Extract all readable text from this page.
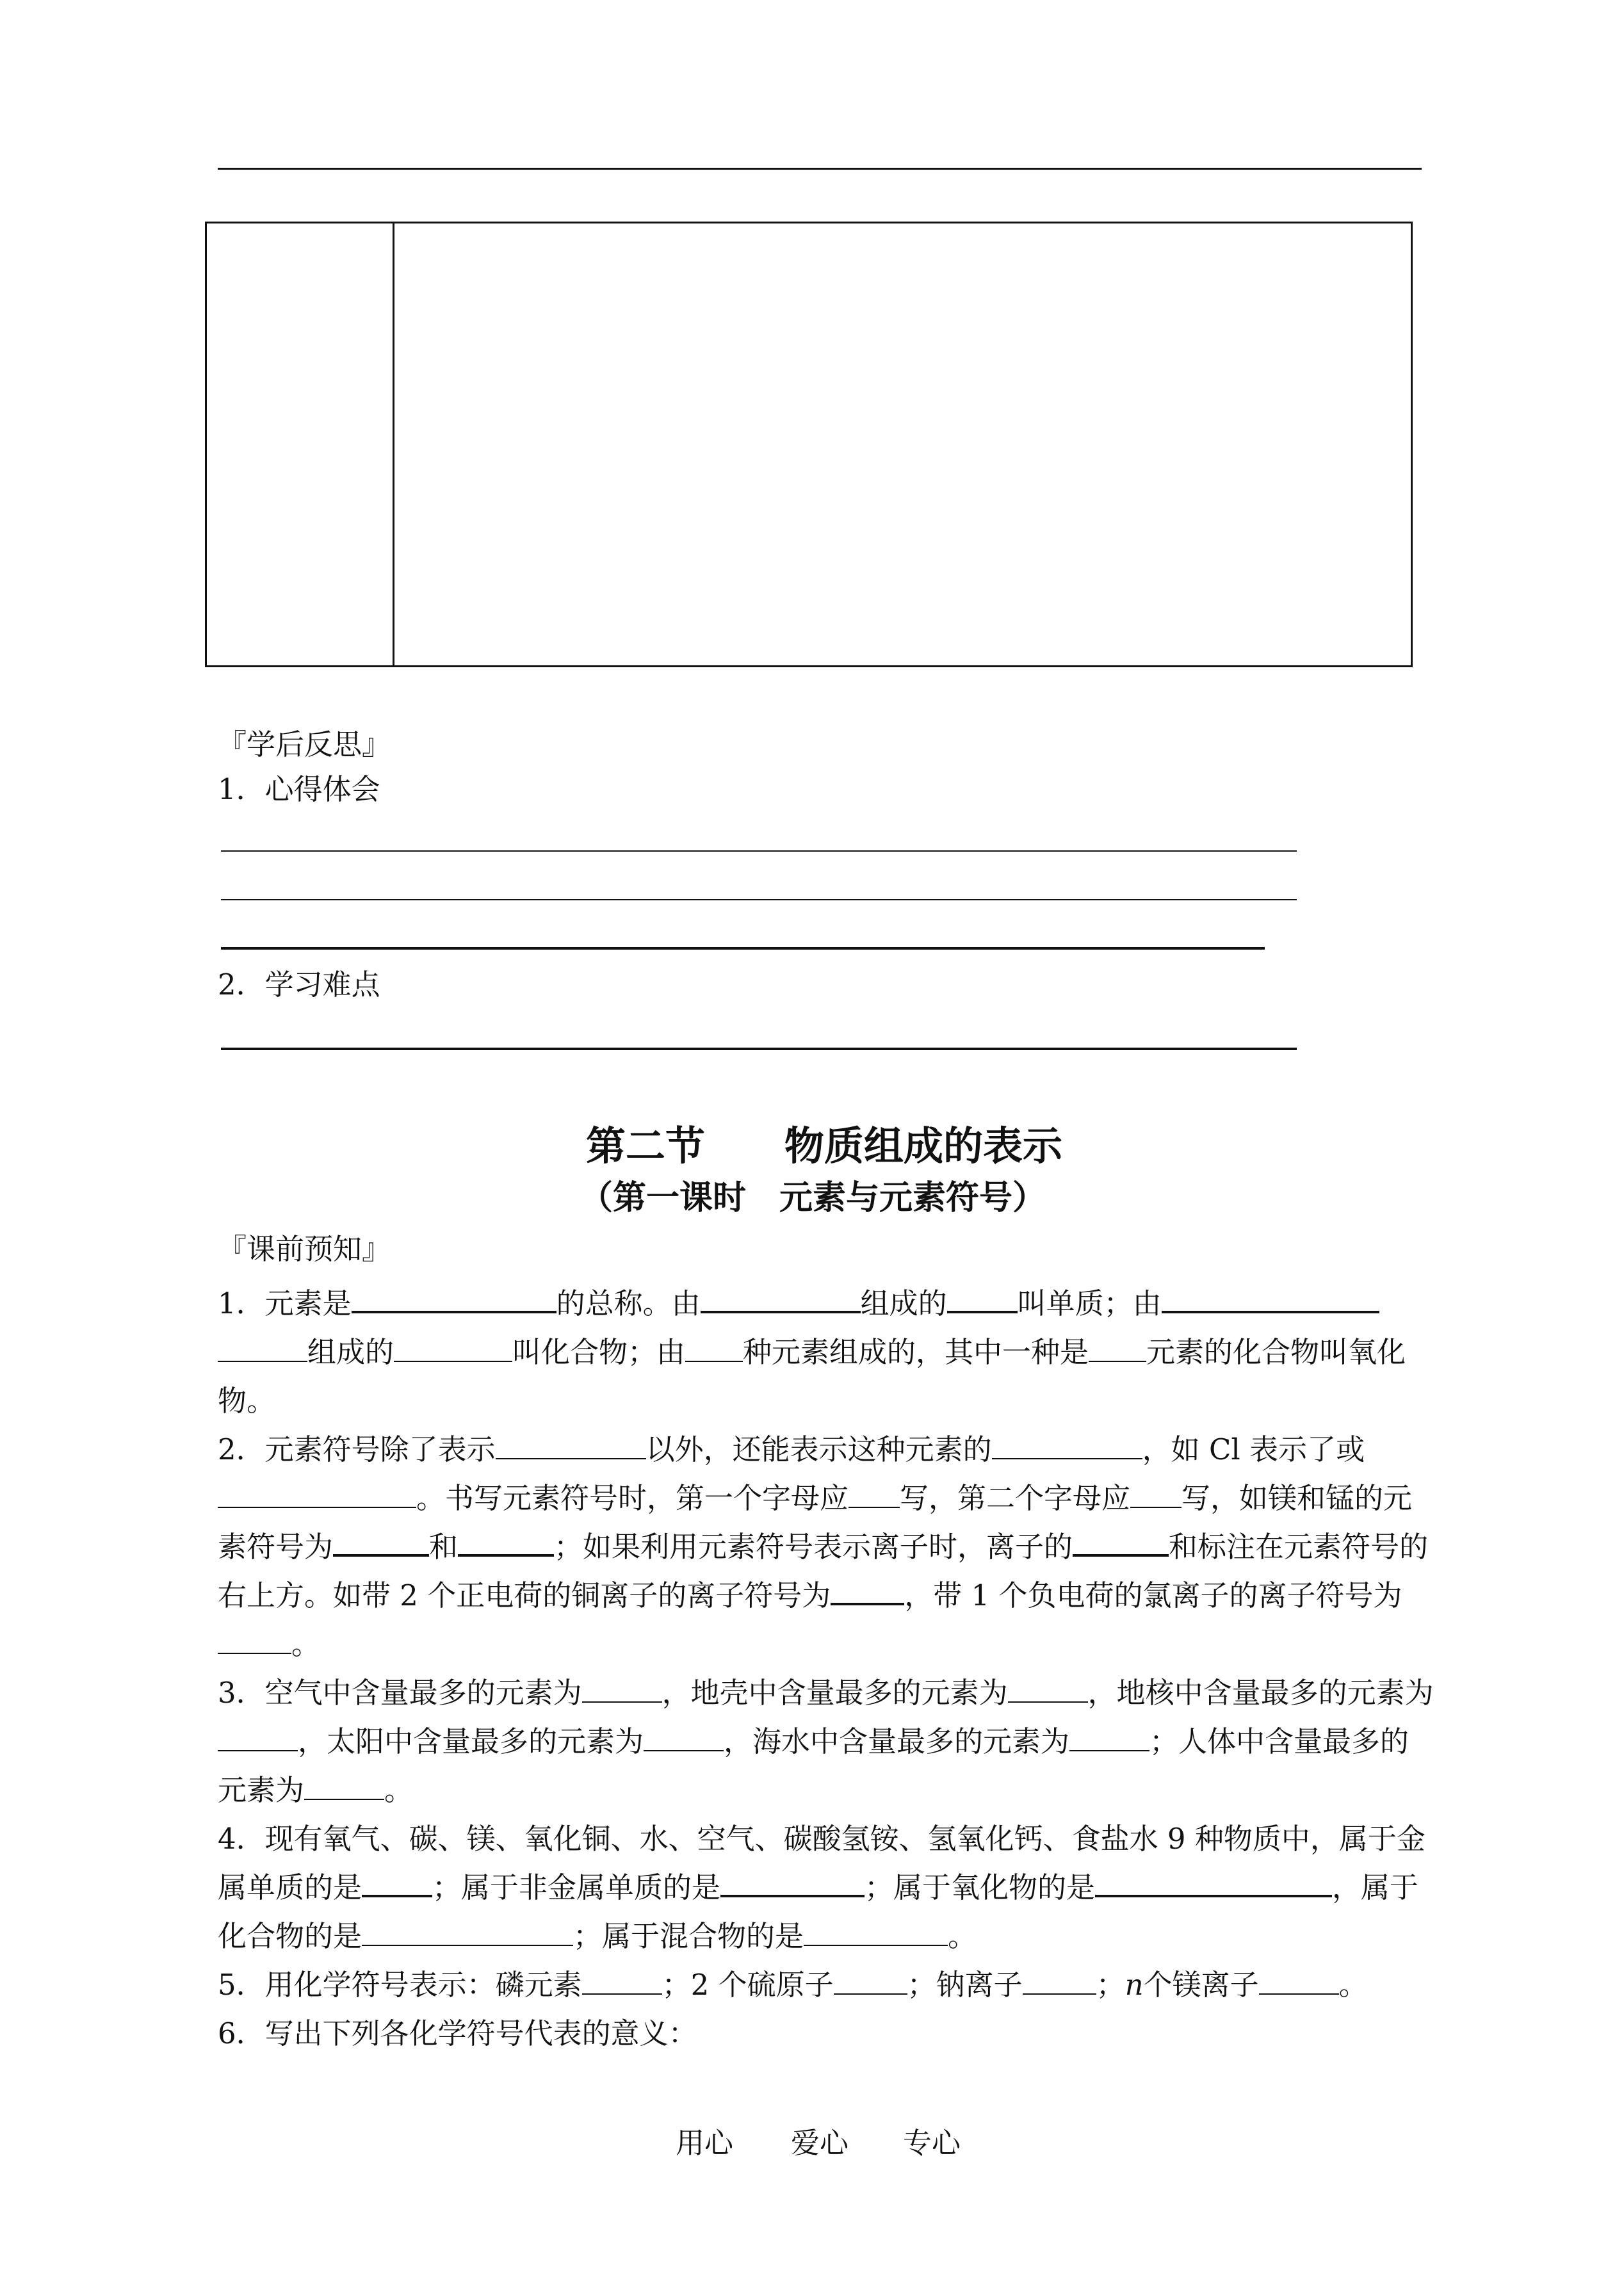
『学后反思』
1．心得体会
2．学习难点
第二节　　物质组成的表示
（第一课时　元素与元素符号）
『课前预知』

1．元素是	的总称。由	组成的 叫单质；由
组成的	叫化合物；由 种元素组成的，其中一种是 元素的化合物叫氧化物。

2．元素符号除了表示	以外，还能表示这种元素的	，如 Cl 表示了或。书写元素符号时，第一个字母应 写，第二个字母应 写，如镁和锰的元素符号为	和	；如果利用元素符号表示离子时，离子的	和标注在元素符号的右上方。如带 2 个正电荷的铜离子的离子符号为	，带 1 个负电荷的氯离子的离子符号为。

3．空气中含量最多的元素为	，地壳中含量最多的元素为	，地核中含量最多的元素为，太阳中含量最多的元素为	，海水中含量最多的元素为	；人体中含量最多的元素为	。

4．现有氧气、碳、镁、氧化铜、水、空气、碳酸氢铵、氢氧化钙、食盐水 9 种物质中，属于金属单质的是 ；属于非金属单质的是	；属于氧化物的是	，属于化合物的是	；属于混合物的是	。

5．用化学符号表示：磷元素	；2 个硫原子	；钠离子	；n个镁离子	。

6．写出下列各化学符号代表的意义：

用心 爱心 专心
